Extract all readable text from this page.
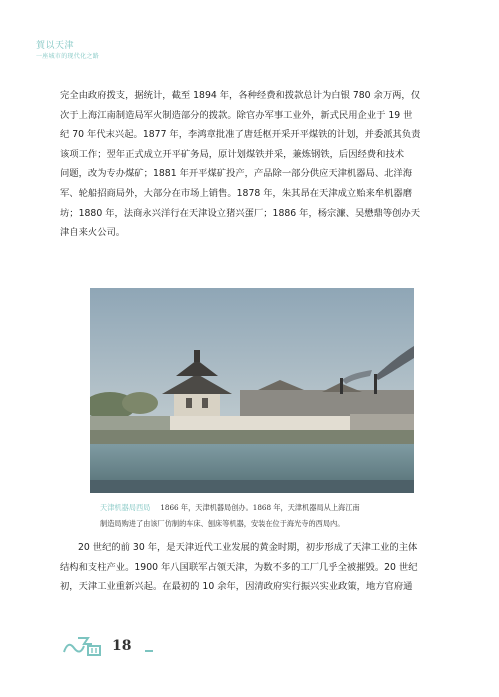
賀以天津
一座城市的现代化之路
完全由政府拨支，据统计，截至 1894 年，各种经费和拨款总计为白银 780 余万两，仅
次于上海江南制造局军火制造部分的拨款。除官办军事工业外，新式民用企业于 19 世
纪 70 年代末兴起。1877 年，李鸿章批准了唐廷枢开采开平煤铁的计划，并委派其负责
该项工作；翌年正式成立开平矿务局，原计划煤铁并采，兼炼钢铁，后因经费和技术
问题，改为专办煤矿；1881 年开平煤矿投产，产品除一部分供应天津机器局、北洋海
军、轮船招商局外，大部分在市场上销售。1878 年，朱其昂在天津成立贻来牟机器磨
坊；1880 年，法商永兴洋行在天津设立猪兴蛋厂；1886 年，杨宗濂、吴懋鼎等创办天
津自来火公司。
天津机器局西局 1866 年，天津机器局创办。1868 年，天津机器局从上海江南
制造局购进了由该厂仿制的车床、刨床等机器，安装在位于海光寺的西局内。
20 世纪的前 30 年，是天津近代工业发展的黄金时期，初步形成了天津工业的主体
结构和支柱产业。1900 年八国联军占领天津，为数不多的工厂几乎全被摧毁。20 世纪
初，天津工业重新兴起。在最初的 10 余年，因清政府实行振兴实业政策，地方官府通
18
